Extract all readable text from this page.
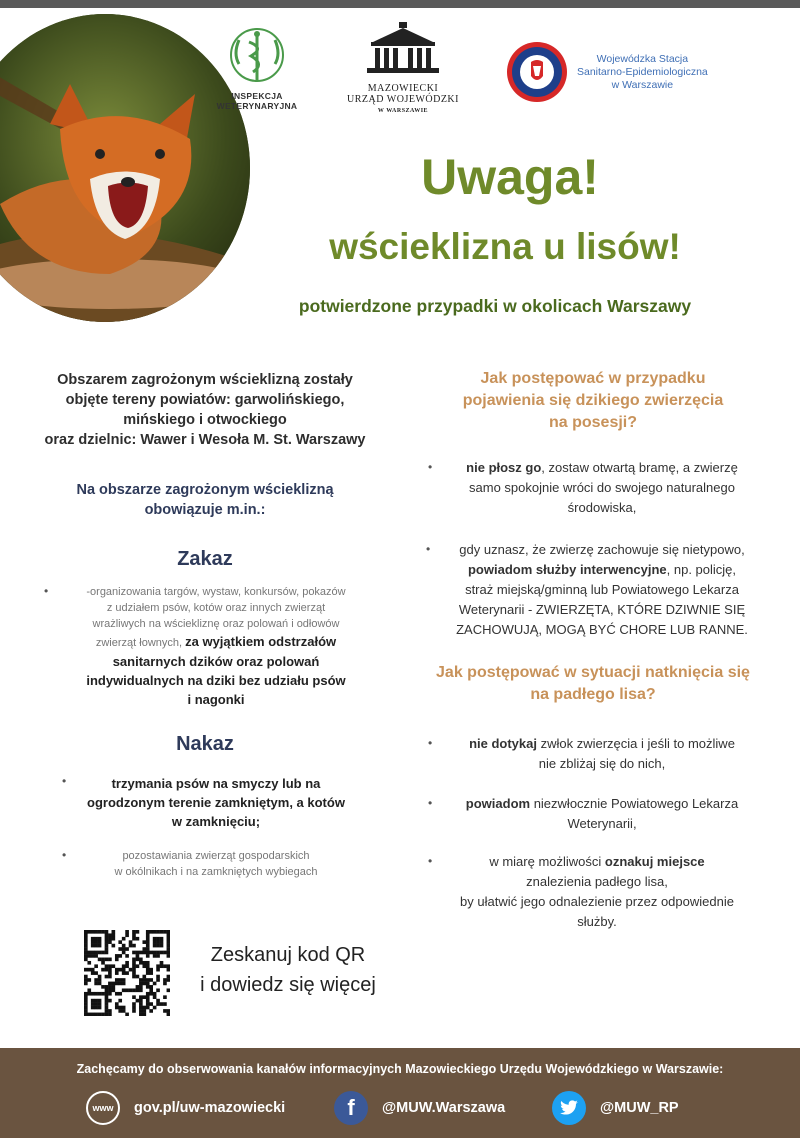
INSPEKCJA
WETERYNARYJNA
MAZOWIECKI
URZĄD WOJEWÓDZKI
W WARSZAWIE
Wojewódzka Stacja
Sanitarno-Epidemiologiczna
w Warszawie
Uwaga!
wścieklizna u lisów!
potwierdzone przypadki w okolicach Warszawy
Obszarem zagrożonym wścieklizną zostały
objęte tereny powiatów: garwolińskiego,
mińskiego i otwockiego
oraz dzielnic: Wawer i Wesoła M. St. Warszawy
Na obszarze zagrożonym wścieklizną
obowiązuje m.in.:
Zakaz
•	-organizowania targów, wystaw, konkursów, pokazów
z udziałem psów, kotów oraz innych zwierząt
wrażliwych na wściekliznę oraz polowań i odłowów
zwierząt łownych, za wyjątkiem odstrzałów
sanitarnych dzików oraz polowań
indywidualnych na dziki bez udziału psów
i nagonki
Nakaz
•	trzymania psów na smyczy lub na
ogrodzonym terenie zamkniętym, a kotów
w zamknięciu;
•	pozostawiania zwierząt gospodarskich
w okólnikach i na zamkniętych wybiegach
Jak postępować w przypadku
pojawienia się dzikiego zwierzęcia
na posesji?
•	nie płosz go, zostaw otwartą bramę, a zwierzę
samo spokojnie wróci do swojego naturalnego
środowiska,
•	gdy uznasz, że zwierzę zachowuje się nietypowo,
powiadom służby interwencyjne, np. policję,
straż miejską/gminną lub Powiatowego Lekarza
Weterynarii - ZWIERZĘTA, KTÓRE DZIWNIE SIĘ
ZACHOWUJĄ, MOGĄ BYĆ CHORE LUB RANNE.
Jak postępować w sytuacji natknięcia się
na padłego lisa?
•	nie dotykaj zwłok zwierzęcia i jeśli to możliwe
nie zbliżaj się do nich,
•	powiadom niezwłocznie Powiatowego Lekarza
Weterynarii,
•	w miarę możliwości oznakuj miejsce
znalezienia padłego lisa,
by ułatwić jego odnalezienie przez odpowiednie
służby.
Zeskanuj kod QR
i dowiedz się więcej
Zachęcamy do obserwowania kanałów informacyjnych Mazowieckiego Urzędu Wojewódzkiego w Warszawie:
www gov.pl/uw-mazowiecki	f @MUW.Warszawa	@MUW_RP
